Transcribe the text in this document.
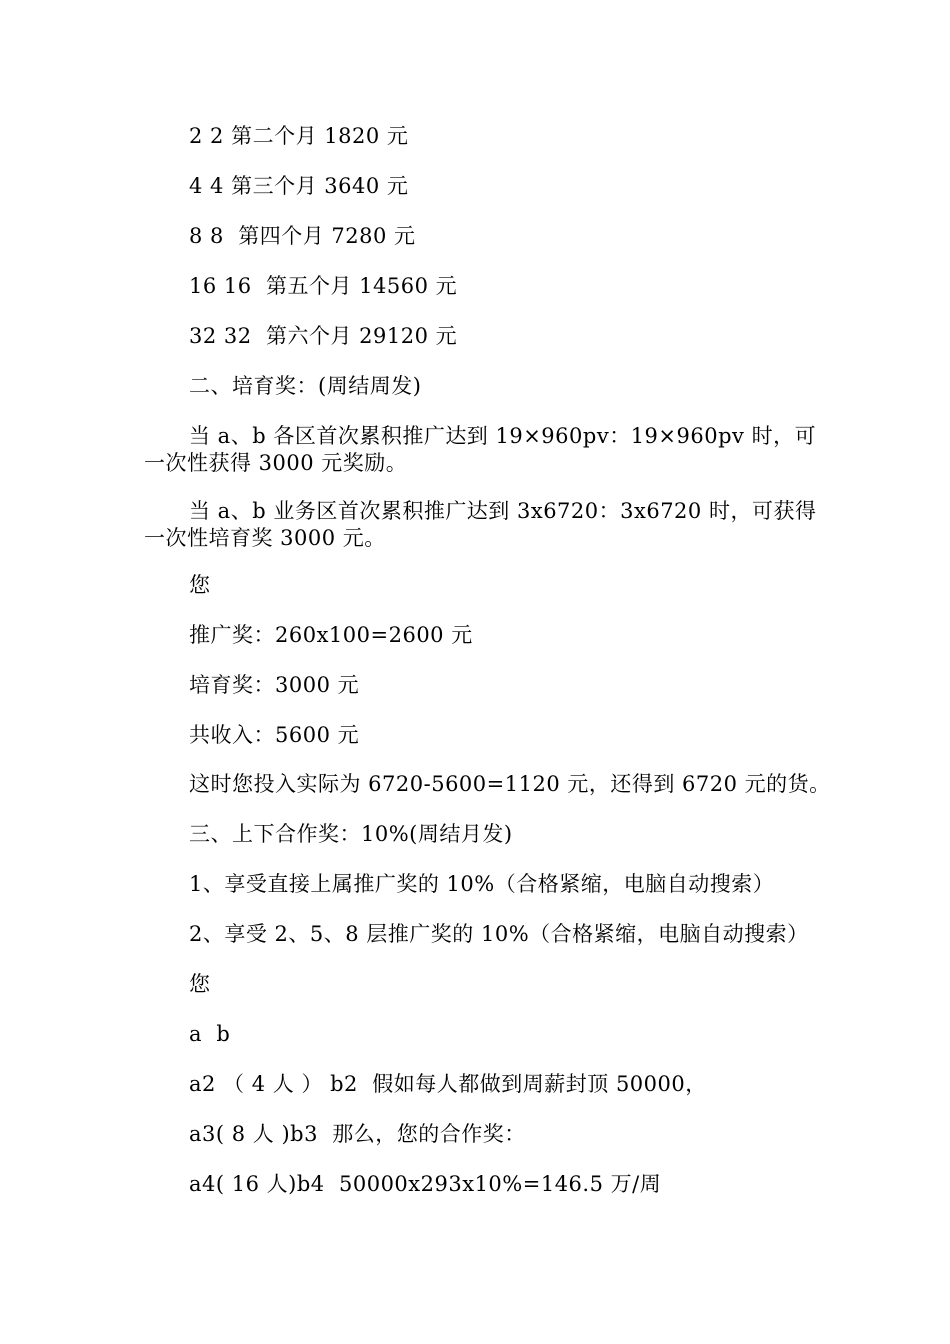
2 2 第二个月 1820 元
4 4 第三个月 3640 元
8 8  第四个月 7280 元
16 16  第五个月 14560 元
32 32  第六个月 29120 元
二、培育奖：(周结周发)
当 a、b 各区首次累积推广达到 19×960pv：19×960pv 时，可
一次性获得 3000 元奖励。
当 a、b 业务区首次累积推广达到 3x6720：3x6720 时，可获得
一次性培育奖 3000 元。
您
推广奖：260x100=2600 元
培育奖：3000 元
共收入：5600 元
这时您投入实际为 6720-5600=1120 元，还得到 6720 元的货。
三、上下合作奖：10%(周结月发)
1、享受直接上属推广奖的 10%（合格紧缩，电脑自动搜索）
2、享受 2、5、8 层推广奖的 10%（合格紧缩，电脑自动搜索）
您
a  b
a2 （ 4 人 ） b2  假如每人都做到周薪封顶 50000，
a3( 8 人 )b3  那么，您的合作奖：
a4( 16 人)b4  50000x293x10%=146.5 万/周
